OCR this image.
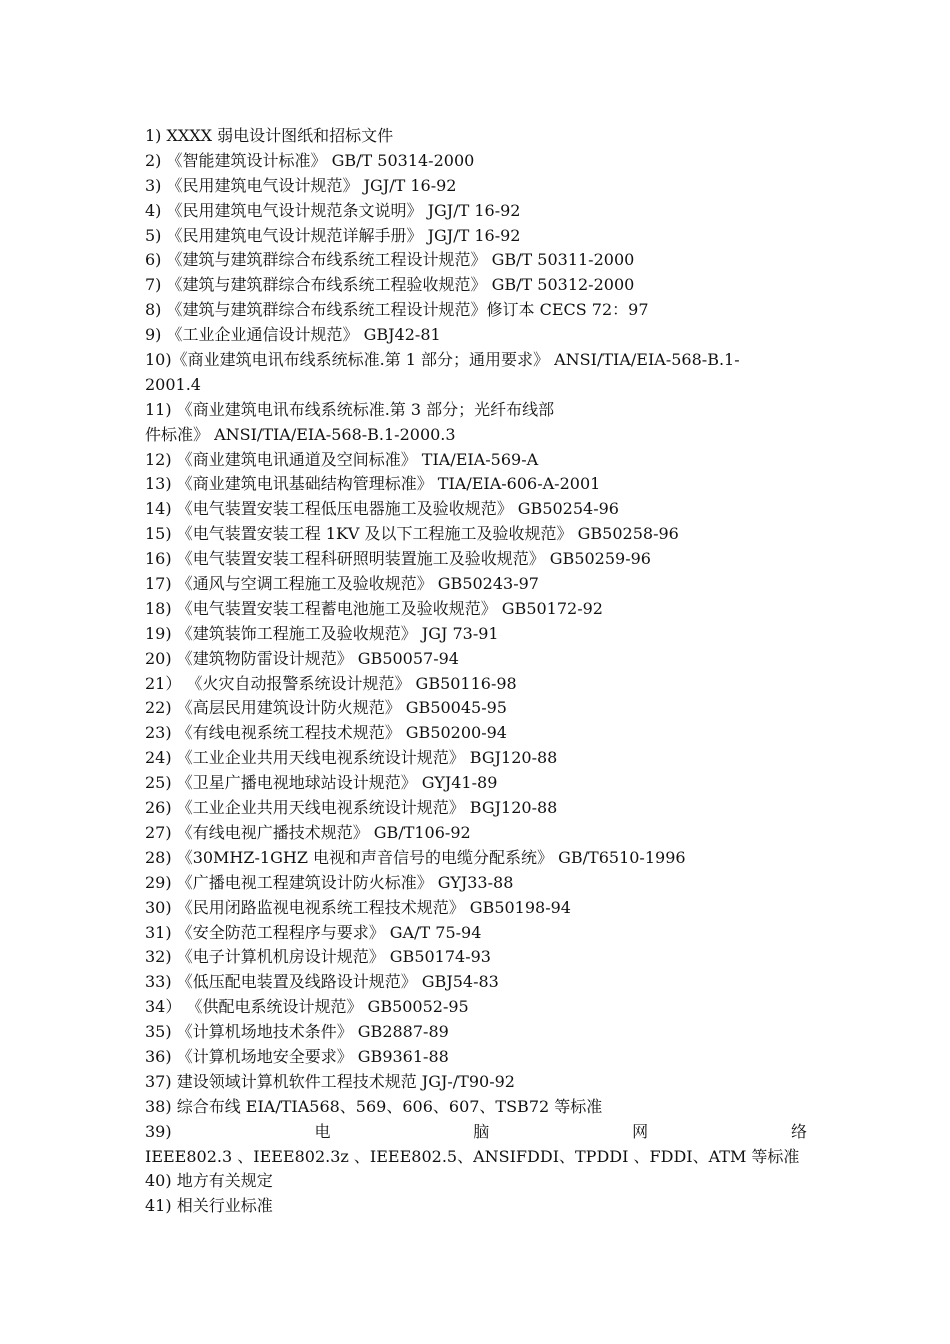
1) XXXX 弱电设计图纸和招标文件
2) 《智能建筑设计标准》 GB/T 50314-2000
3) 《民用建筑电气设计规范》 JGJ/T 16-92
4) 《民用建筑电气设计规范条文说明》 JGJ/T 16-92
5) 《民用建筑电气设计规范详解手册》 JGJ/T 16-92
6) 《建筑与建筑群综合布线系统工程设计规范》 GB/T 50311-2000
7) 《建筑与建筑群综合布线系统工程验收规范》 GB/T 50312-2000
8) 《建筑与建筑群综合布线系统工程设计规范》修订本 CECS 72：97
9) 《工业企业通信设计规范》 GBJ42-81
10)《商业建筑电讯布线系统标准.第 1 部分；通用要求》 ANSI/TIA/EIA-568-B.1-
2001.4
11) 《商业建筑电讯布线系统标准.第 3 部分；光纤布线部
件标准》 ANSI/TIA/EIA-568-B.1-2000.3
12) 《商业建筑电讯通道及空间标准》 TIA/EIA-569-A
13) 《商业建筑电讯基础结构管理标准》 TIA/EIA-606-A-2001
14) 《电气装置安装工程低压电器施工及验收规范》 GB50254-96
15) 《电气装置安装工程 1KV 及以下工程施工及验收规范》 GB50258-96
16) 《电气装置安装工程科研照明装置施工及验收规范》 GB50259-96
17) 《通风与空调工程施工及验收规范》 GB50243-97
18) 《电气装置安装工程蓄电池施工及验收规范》 GB50172-92
19) 《建筑装饰工程施工及验收规范》 JGJ 73-91
20) 《建筑物防雷设计规范》 GB50057-94
21） 《火灾自动报警系统设计规范》 GB50116-98
22) 《高层民用建筑设计防火规范》 GB50045-95
23) 《有线电视系统工程技术规范》 GB50200-94
24) 《工业企业共用天线电视系统设计规范》 BGJ120-88
25) 《卫星广播电视地球站设计规范》 GYJ41-89
26) 《工业企业共用天线电视系统设计规范》 BGJ120-88
27) 《有线电视广播技术规范》 GB/T106-92
28) 《30MHZ-1GHZ 电视和声音信号的电缆分配系统》 GB/T6510-1996
29) 《广播电视工程建筑设计防火标准》 GYJ33-88
30) 《民用闭路监视电视系统工程技术规范》 GB50198-94
31) 《安全防范工程程序与要求》 GA/T 75-94
32) 《电子计算机机房设计规范》 GB50174-93
33) 《低压配电装置及线路设计规范》 GBJ54-83
34） 《供配电系统设计规范》 GB50052-95
35) 《计算机场地技术条件》 GB2887-89
36) 《计算机场地安全要求》 GB9361-88
37) 建设领域计算机软件工程技术规范 JGJ-/T90-92
38) 综合布线 EIA/TIA568、569、606、607、TSB72 等标准
39)	电	脑	网	络
IEEE802.3 、IEEE802.3z 、IEEE802.5、ANSIFDDI、TPDDI 、FDDI、ATM 等标准
40) 地方有关规定
41) 相关行业标准
